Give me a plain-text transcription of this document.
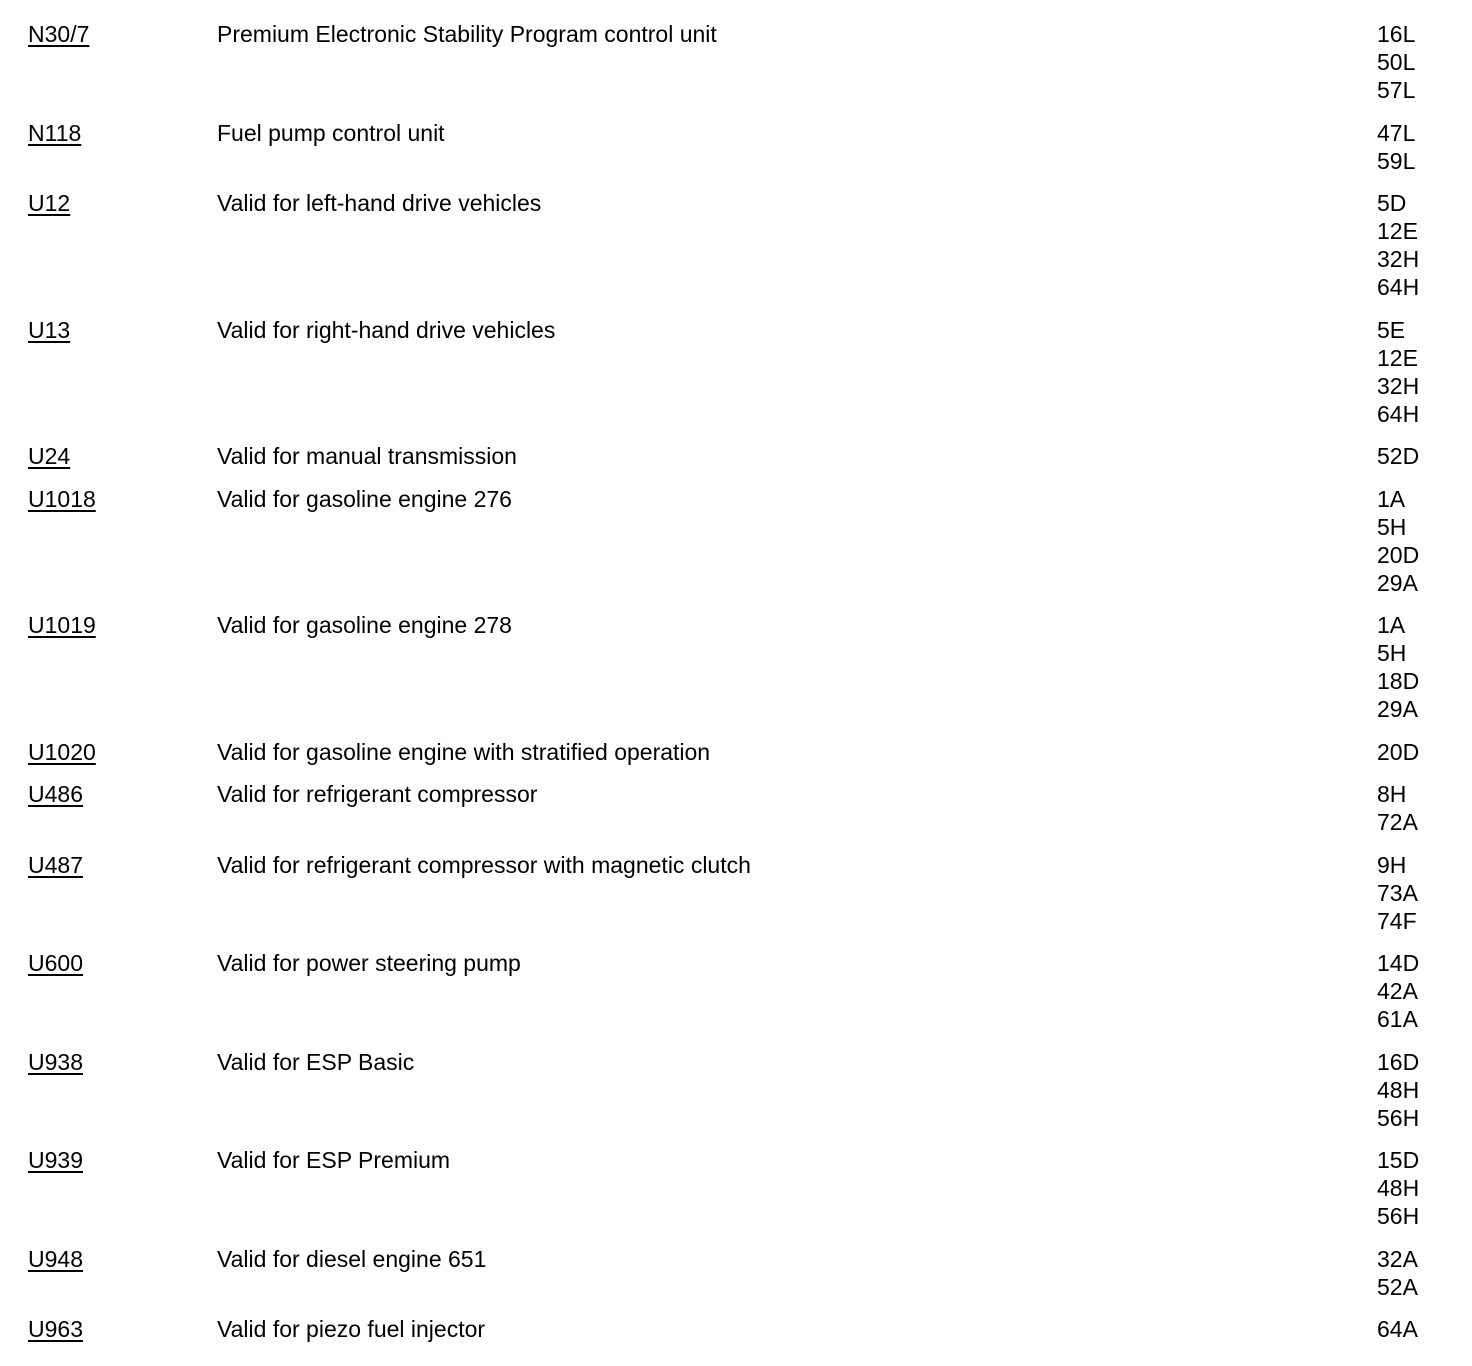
N30/7	Premium Electronic Stability Program control unit	16L
50L
57L
N118	Fuel pump control unit	47L
59L
U12	Valid for left-hand drive vehicles	5D
12E
32H
64H
U13	Valid for right-hand drive vehicles	5E
12E
32H
64H
U24	Valid for manual transmission	52D
U1018	Valid for gasoline engine 276	1A
5H
20D
29A
U1019	Valid for gasoline engine 278	1A
5H
18D
29A
U1020	Valid for gasoline engine with stratified operation	20D
U486	Valid for refrigerant compressor	8H
72A
U487	Valid for refrigerant compressor with magnetic clutch	9H
73A
74F
U600	Valid for power steering pump	14D
42A
61A
U938	Valid for ESP Basic	16D
48H
56H
U939	Valid for ESP Premium	15D
48H
56H
U948	Valid for diesel engine 651	32A
52A
U963	Valid for piezo fuel injector	64A
